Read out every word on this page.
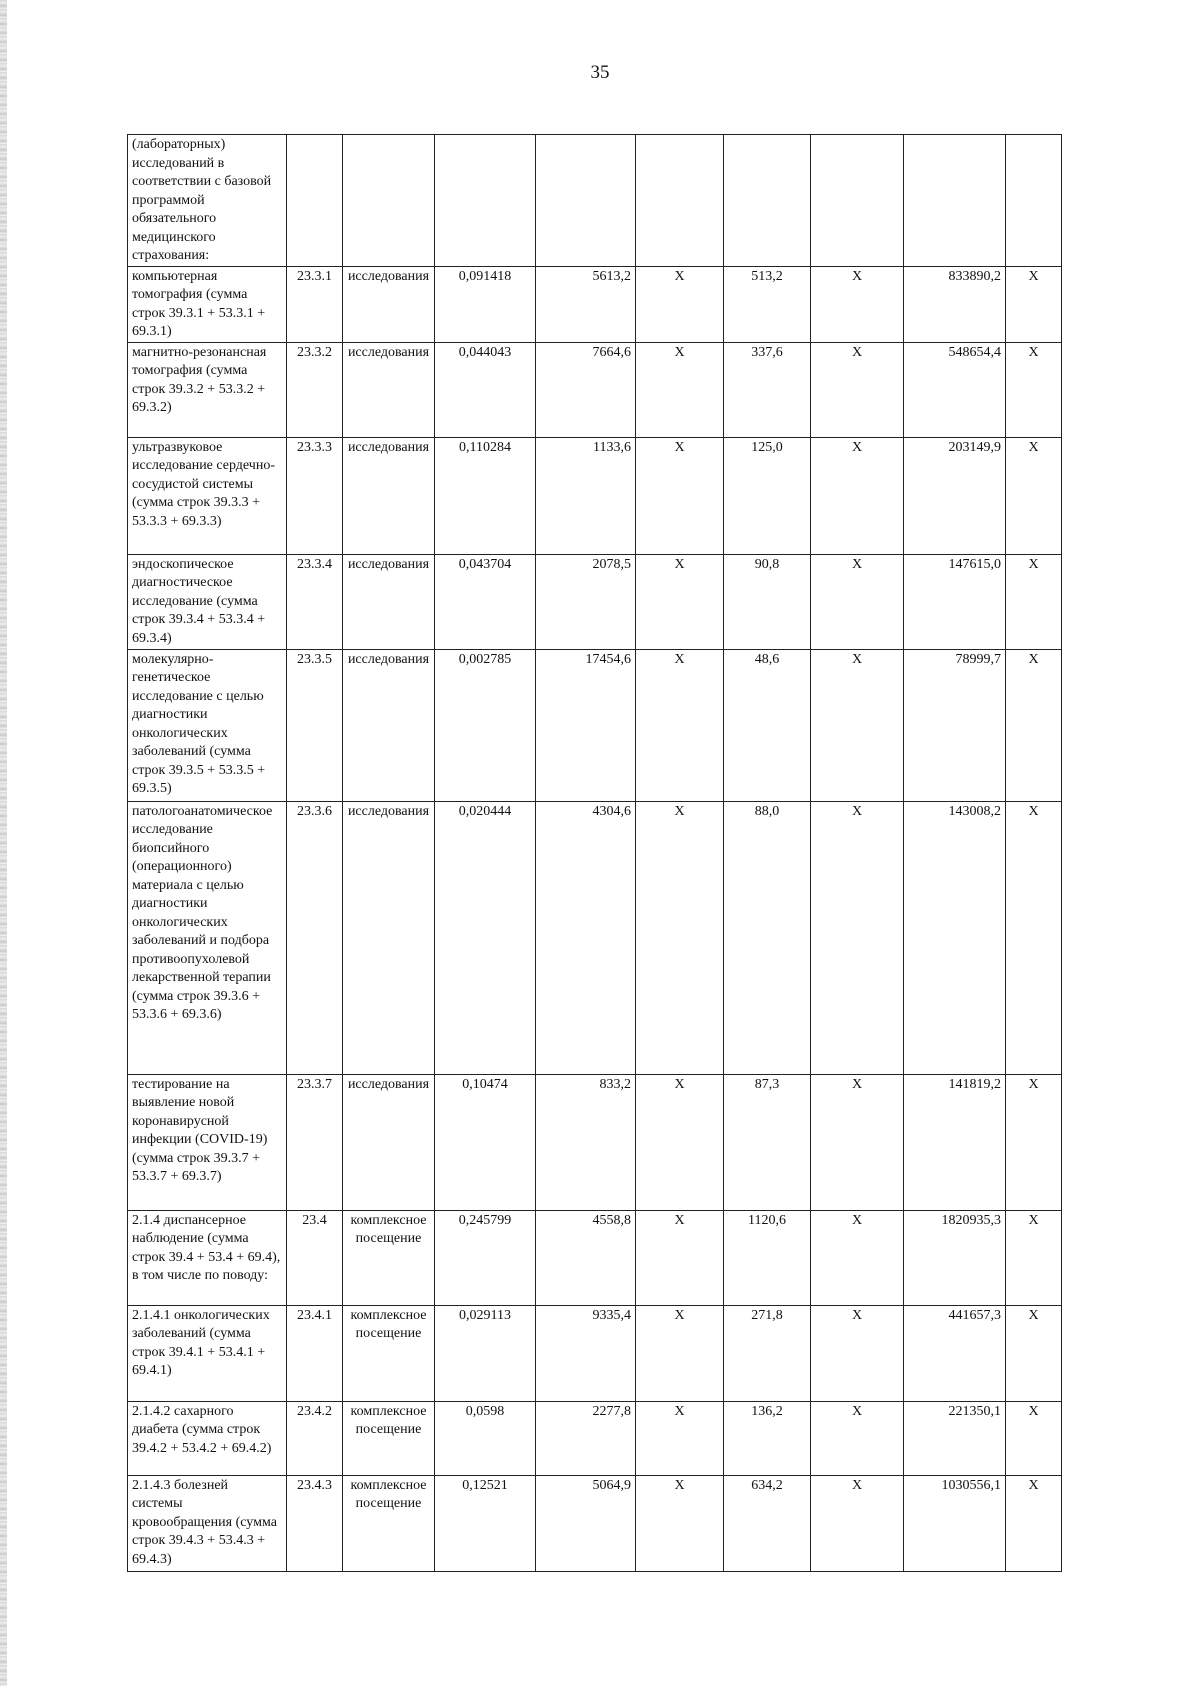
35
(лабораторных) исследований в соответствии с базовой программой обязательного медицинского страхования:									
компьютерная томография (сумма строк 39.3.1 + 53.3.1 + 69.3.1)	23.3.1	исследования	0,091418	5613,2	Х	513,2	Х	833890,2	Х
магнитно-резонансная томография (сумма строк 39.3.2 + 53.3.2 + 69.3.2)	23.3.2	исследования	0,044043	7664,6	Х	337,6	Х	548654,4	Х
ультразвуковое исследование сердечно-сосудистой системы (сумма строк 39.3.3 + 53.3.3 + 69.3.3)	23.3.3	исследования	0,110284	1133,6	Х	125,0	Х	203149,9	Х
эндоскопическое диагностическое исследование (сумма строк 39.3.4 + 53.3.4 + 69.3.4)	23.3.4	исследования	0,043704	2078,5	Х	90,8	Х	147615,0	Х
молекулярно-генетическое исследование с целью диагностики онкологических заболеваний (сумма строк 39.3.5 + 53.3.5 + 69.3.5)	23.3.5	исследования	0,002785	17454,6	Х	48,6	Х	78999,7	Х
патологоанатомическое исследование биопсийного (операционного) материала с целью диагностики онкологических заболеваний и подбора противоопухолевой лекарственной терапии (сумма строк 39.3.6 + 53.3.6 + 69.3.6)	23.3.6	исследования	0,020444	4304,6	Х	88,0	Х	143008,2	Х
тестирование на выявление новой коронавирусной инфекции (COVID-19) (сумма строк 39.3.7 + 53.3.7 + 69.3.7)	23.3.7	исследования	0,10474	833,2	Х	87,3	Х	141819,2	Х
2.1.4 диспансерное наблюдение (сумма строк 39.4 + 53.4 + 69.4), в том числе по поводу:	23.4	комплексное посещение	0,245799	4558,8	Х	1120,6	Х	1820935,3	Х
2.1.4.1 онкологических заболеваний (сумма строк 39.4.1 + 53.4.1 + 69.4.1)	23.4.1	комплексное посещение	0,029113	9335,4	Х	271,8	Х	441657,3	Х
2.1.4.2 сахарного диабета (сумма строк 39.4.2 + 53.4.2 + 69.4.2)	23.4.2	комплексное посещение	0,0598	2277,8	Х	136,2	Х	221350,1	Х
2.1.4.3 болезней системы кровообращения (сумма строк 39.4.3 + 53.4.3 + 69.4.3)	23.4.3	комплексное посещение	0,12521	5064,9	Х	634,2	Х	1030556,1	Х
